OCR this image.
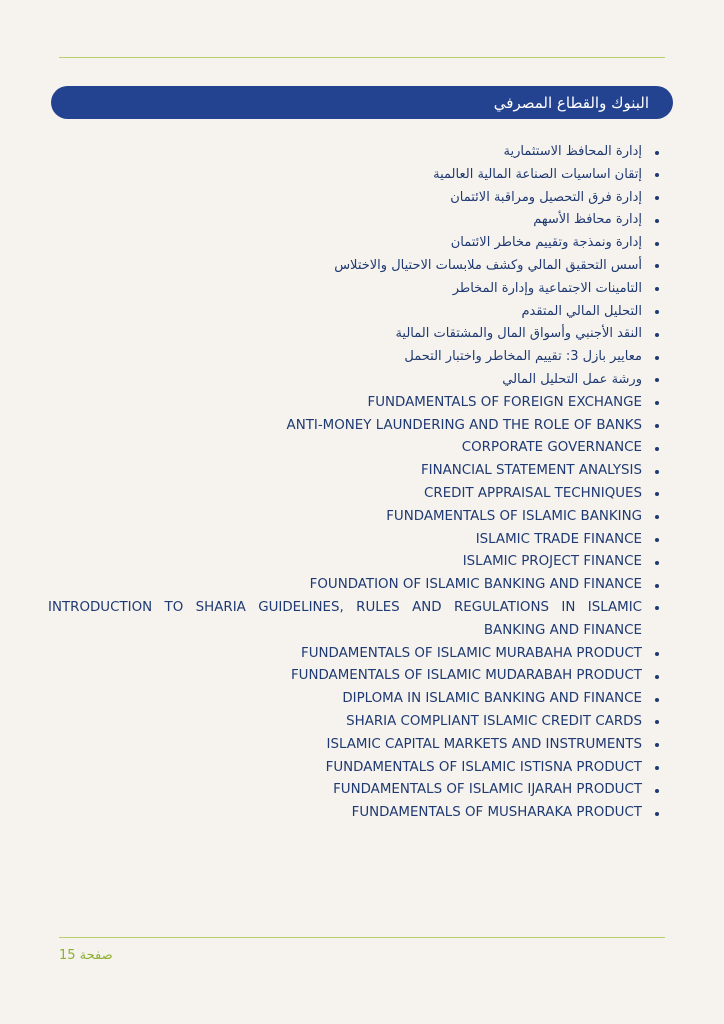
البنوك والقطاع المصرفي
إدارة المحافظ الاستثمارية
إتقان اساسيات الصناعة المالية العالمية
إدارة فرق التحصيل ومراقبة الائتمان
إدارة محافظ الأسهم
إدارة ونمذجة وتقييم مخاطر الائتمان
أسس التحقيق المالي وكشف ملابسات الاحتيال والاختلاس
التامينات الاجتماعية وإدارة المخاطر
التحليل المالي المتقدم
النقد الأجنبي وأسواق المال والمشتقات المالية
معايير بازل 3: تقييم المخاطر واختبار التحمل
ورشة عمل التحليل المالي
FUNDAMENTALS OF FOREIGN EXCHANGE
ANTI-MONEY LAUNDERING AND THE ROLE OF BANKS
CORPORATE GOVERNANCE
FINANCIAL STATEMENT ANALYSIS
CREDIT APPRAISAL TECHNIQUES
FUNDAMENTALS OF ISLAMIC BANKING
ISLAMIC TRADE FINANCE
ISLAMIC PROJECT FINANCE
FOUNDATION OF ISLAMIC BANKING AND FINANCE
INTRODUCTION TO SHARIA GUIDELINES, RULES AND REGULATIONS IN ISLAMIC BANKING AND FINANCE
FUNDAMENTALS OF ISLAMIC MURABAHA PRODUCT
FUNDAMENTALS OF ISLAMIC MUDARABAH PRODUCT
DIPLOMA IN ISLAMIC BANKING AND FINANCE
SHARIA COMPLIANT ISLAMIC CREDIT CARDS
ISLAMIC CAPITAL MARKETS AND INSTRUMENTS
FUNDAMENTALS OF ISLAMIC ISTISNA PRODUCT
FUNDAMENTALS OF ISLAMIC IJARAH PRODUCT
FUNDAMENTALS OF MUSHARAKA PRODUCT
صفحة 15
